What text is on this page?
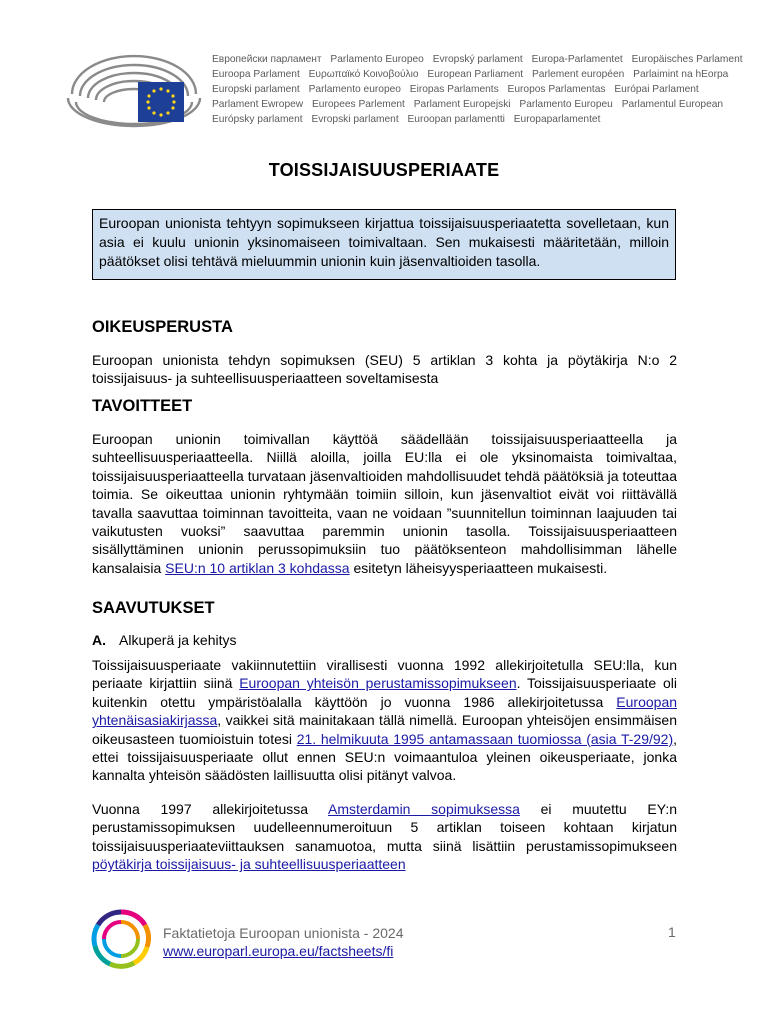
Европейски парламент Parlamento Europeo Evropský parlament Europa-Parlamentet Europäisches Parlament
Euroopa Parlament Ευρωπαϊκό Κοινοβούλιο European Parliament Parlement européen Parlaimint na hEorpa
Europski parlament Parlamento europeo Eiropas Parlaments Europos Parlamentas Európai Parlament
Parlament Ewropew Europees Parlement Parlament Europejski Parlamento Europeu Parlamentul European
Európsky parlament Evropski parlament Euroopan parlamentti Europaparlamentet
TOISSIJAISUUSPERIAATE
Euroopan unionista tehtyyn sopimukseen kirjattua toissijaisuusperiaatetta sovelletaan, kun asia ei kuulu unionin yksinomaiseen toimivaltaan. Sen mukaisesti määritetään, milloin päätökset olisi tehtävä mieluummin unionin kuin jäsenvaltioiden tasolla.
OIKEUSPERUSTA

Euroopan unionista tehdyn sopimuksen (SEU) 5 artiklan 3 kohta ja pöytäkirja N:o 2 toissijaisuus- ja suhteellisuusperiaatteen soveltamisesta

TAVOITTEET

Euroopan unionin toimivallan käyttöä säädellään toissijaisuusperiaatteella ja suhteellisuusperiaatteella. Niillä aloilla, joilla EU:lla ei ole yksinomaista toimivaltaa, toissijaisuusperiaatteella turvataan jäsenvaltioiden mahdollisuudet tehdä päätöksiä ja toteuttaa toimia. Se oikeuttaa unionin ryhtymään toimiin silloin, kun jäsenvaltiot eivät voi riittävällä tavalla saavuttaa toiminnan tavoitteita, vaan ne voidaan ”suunnitellun toiminnan laajuuden tai vaikutusten vuoksi” saavuttaa paremmin unionin tasolla. Toissijaisuusperiaatteen sisällyttäminen unionin perussopimuksiin tuo päätöksenteon mahdollisimman lähelle kansalaisia SEU:n 10 artiklan 3 kohdassa esitetyn läheisyysperiaatteen mukaisesti.

SAAVUTUKSET
A. Alkuperä ja kehitys

Toissijaisuusperiaate vakiinnutettiin virallisesti vuonna 1992 allekirjoitetulla SEU:lla, kun periaate kirjattiin siinä Euroopan yhteisön perustamissopimukseen. Toissijaisuusperiaate oli kuitenkin otettu ympäristöalalla käyttöön jo vuonna 1986 allekirjoitetussa Euroopan yhtenäisasiakirjassa, vaikkei sitä mainitakaan tällä nimellä. Euroopan yhteisöjen ensimmäisen oikeusasteen tuomioistuin totesi 21. helmikuuta 1995 antamassaan tuomiossa (asia T-29/92), ettei toissijaisuusperiaate ollut ennen SEU:n voimaantuloa yleinen oikeusperiaate, jonka kannalta yhteisön säädösten laillisuutta olisi pitänyt valvoa.

Vuonna 1997 allekirjoitetussa Amsterdamin sopimuksessa ei muutettu EY:n perustamissopimuksen uudelleennumeroituun 5 artiklan toiseen kohtaan kirjatun toissijaisuusperiaateviittauksen sanamuotoa, mutta siinä lisättiin perustamissopimukseen pöytäkirja toissijaisuus- ja suhteellisuusperiaatteen

Faktatietoja Euroopan unionista - 2024
www.europarl.europa.eu/factsheets/fi
1
